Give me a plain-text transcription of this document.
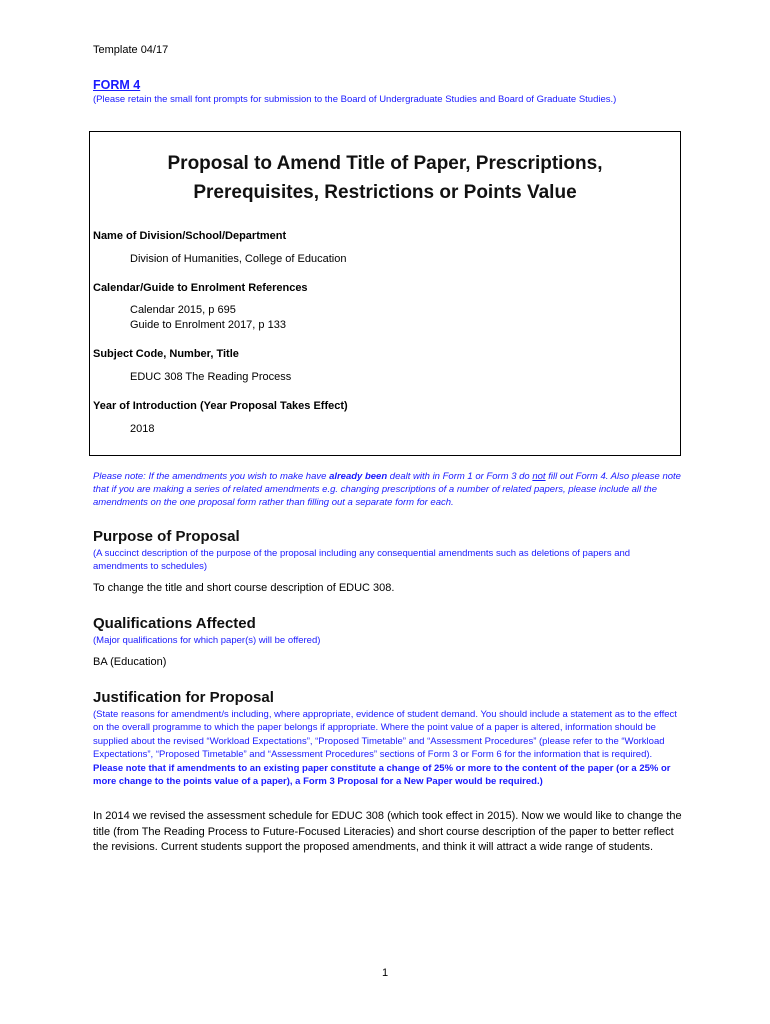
Template 04/17
FORM 4
(Please retain the small font prompts for submission to the Board of Undergraduate Studies and Board of Graduate Studies.)
Proposal to Amend Title of Paper, Prescriptions,
Prerequisites, Restrictions or Points Value
Name of Division/School/Department
Division of Humanities, College of Education
Calendar/Guide to Enrolment References
Calendar 2015, p 695
Guide to Enrolment 2017, p 133
Subject Code, Number, Title
EDUC 308 The Reading Process
Year of Introduction (Year Proposal Takes Effect)
2018
Please note: If the amendments you wish to make have already been dealt with in Form 1 or Form 3 do not fill out Form 4. Also please note that if you are making a series of related amendments e.g. changing prescriptions of a number of related papers, please include all the amendments on the one proposal form rather than filling out a separate form for each.
Purpose of Proposal
(A succinct description of the purpose of the proposal including any consequential amendments such as deletions of papers and amendments to schedules)
To change the title and short course description of EDUC 308.
Qualifications Affected
(Major qualifications for which paper(s) will be offered)
BA (Education)
Justification for Proposal
(State reasons for amendment/s including, where appropriate, evidence of student demand. You should include a statement as to the effect on the overall programme to which the paper belongs if appropriate. Where the point value of a paper is altered, information should be supplied about the revised “Workload Expectations”, “Proposed Timetable” and “Assessment Procedures” (please refer to the “Workload Expectations”, “Proposed Timetable” and “Assessment Procedures” sections of Form 3 or Form 6 for the information that is required). Please note that if amendments to an existing paper constitute a change of 25% or more to the content of the paper (or a 25% or more change to the points value of a paper), a Form 3 Proposal for a New Paper would be required.)
In 2014 we revised the assessment schedule for EDUC 308 (which took effect in 2015). Now we would like to change the title (from The Reading Process to Future-Focused Literacies) and short course description of the paper to better reflect the revisions. Current students support the proposed amendments, and think it will attract a wide range of students.
1
